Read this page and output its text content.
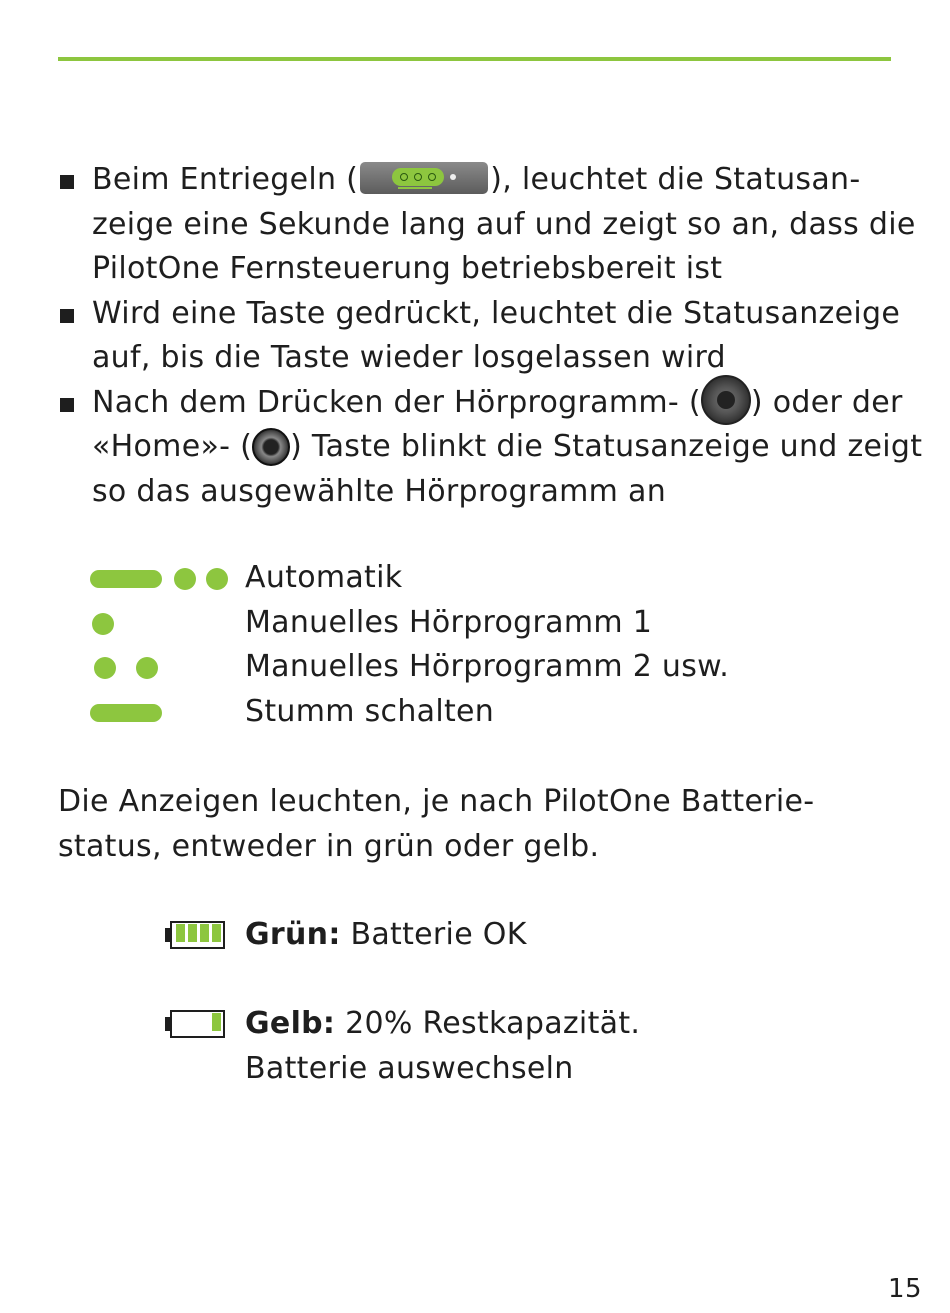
Beim Entriegeln (	), leuchtet die Statusan-
zeige eine Sekunde lang auf und zeigt so an, dass die
PilotOne Fernsteuerung betriebsbereit ist
Wird eine Taste gedrückt, leuchtet die Statusanzeige
auf, bis die Taste wieder losgelassen wird
Nach dem Drücken der Hörprogramm- ( ) oder der
«Home»- ( ) Taste blinkt die Statusanzeige und zeigt
so das ausgewählte Hörprogramm an
Automatik
Manuelles Hörprogramm 1
Manuelles Hörprogramm 2 usw.
Stumm schalten
Die Anzeigen leuchten, je nach PilotOne Batterie-
status, entweder in grün oder gelb.
Grün: Batterie OK
Gelb: 20% Restkapazität.
Batterie auswechseln
15
